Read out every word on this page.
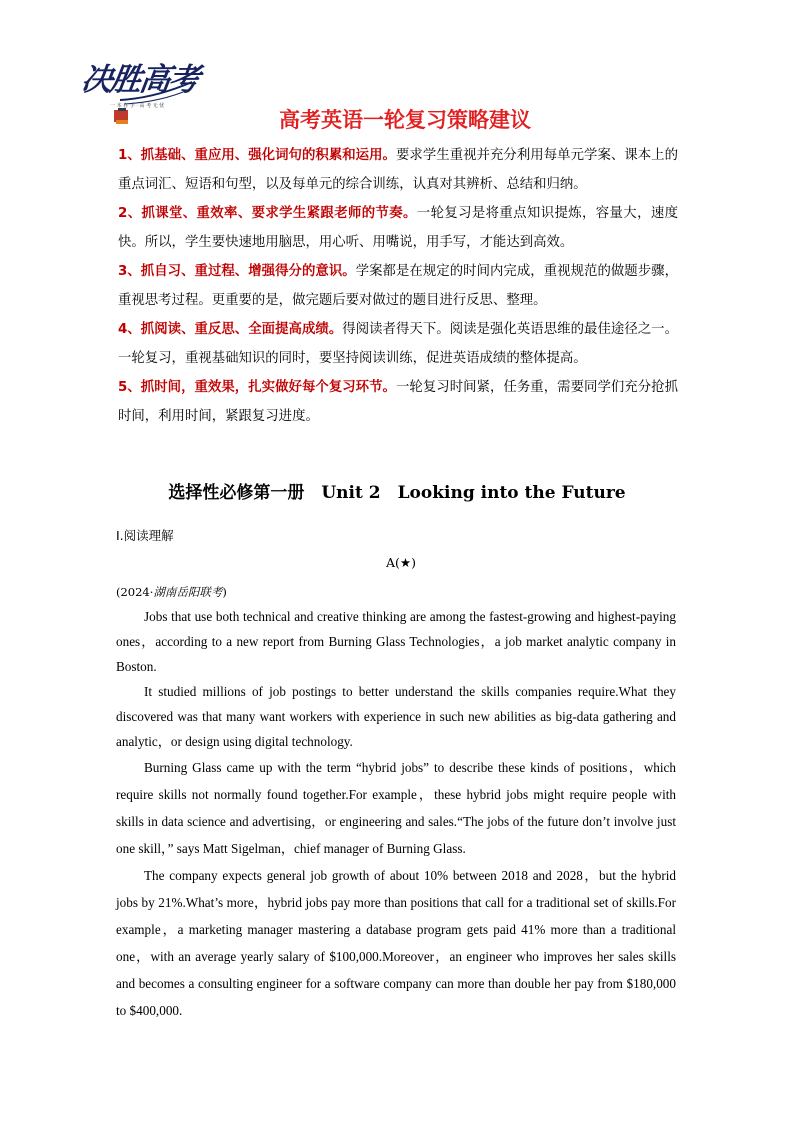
决胜高考
一 本 在 手 · 高 考 无 忧
高考英语一轮复习策略建议

1、抓基础、重应用、强化词句的积累和运用。要求学生重视并充分利用每单元学案、课本上的重点词汇、短语和句型，以及每单元的综合训练，认真对其辨析、总结和归纳。

2、抓课堂、重效率、要求学生紧跟老师的节奏。一轮复习是将重点知识提炼，容量大，速度快。所以，学生要快速地用脑思，用心听、用嘴说，用手写，才能达到高效。

3、抓自习、重过程、增强得分的意识。学案都是在规定的时间内完成，重视规范的做题步骤，重视思考过程。更重要的是，做完题后要对做过的题目进行反思、整理。

4、抓阅读、重反思、全面提高成绩。得阅读者得天下。阅读是强化英语思维的最佳途径之一。一轮复习，重视基础知识的同时，要坚持阅读训练，促进英语成绩的整体提高。

5、抓时间，重效果，扎实做好每个复习环节。一轮复习时间紧，任务重，需要同学们充分抢抓时间，利用时间，紧跟复习进度。

选择性必修第一册　Unit 2　Looking into the Future
Ⅰ.阅读理解
A(★)
(2024·湖南岳阳联考)

Jobs that use both technical and creative thinking are among the fastest-growing and highest-paying ones，according to a new report from Burning Glass Technologies，a job market analytic company in Boston.

It studied millions of job postings to better understand the skills companies require.What they discovered was that many want workers with experience in such new abilities as big-data gathering and analytic，or design using digital technology.

Burning Glass came up with the term “hybrid jobs” to describe these kinds of positions，which require skills not normally found together.For example，these hybrid jobs might require people with skills in data science and advertising，or engineering and sales.“The jobs of the future don’t involve just one skill，” says Matt Sigelman，chief manager of Burning Glass.

The company expects general job growth of about 10% between 2018 and 2028，but the hybrid jobs by 21%.What’s more，hybrid jobs pay more than positions that call for a traditional set of skills.For example，a marketing manager mastering a database program gets paid 41% more than a traditional one，with an average yearly salary of $100,000.Moreover，an engineer who improves her sales skills and becomes a consulting engineer for a software company can more than double her pay from $180,000 to $400,000.
